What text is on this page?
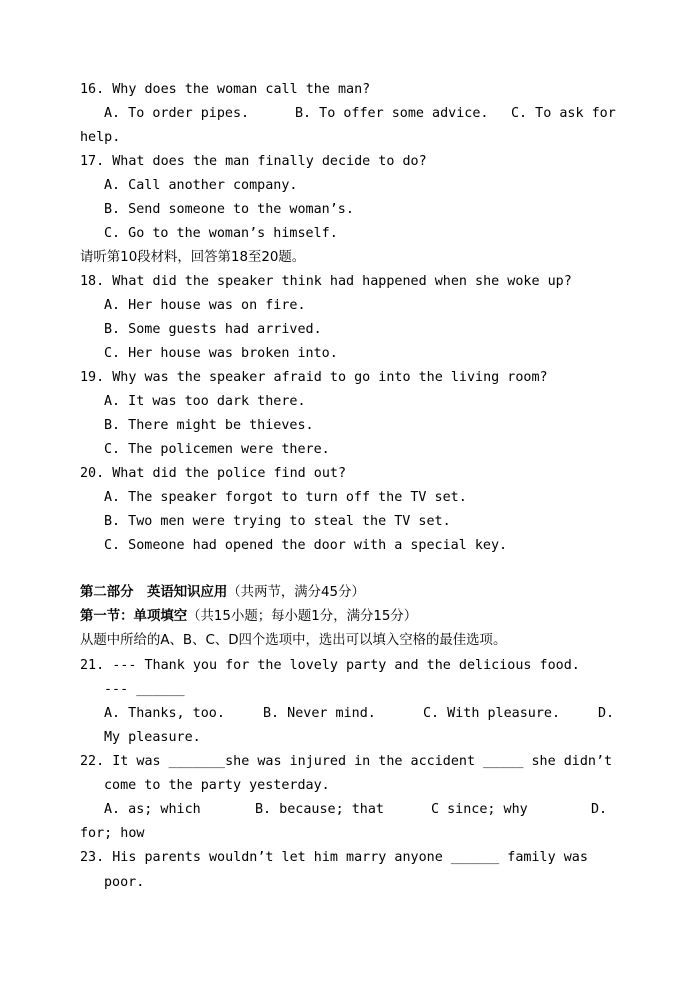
16. Why does the woman call the man?
A. To order pipes.	B. To offer some advice. C. To ask for
help.
17. What does the man finally decide to do?
A. Call another company.
B. Send someone to the woman’s.
C. Go to the woman’s himself.
请听第10段材料，回答第18至20题。
18. What did the speaker think had happened when she woke up?
A. Her house was on fire.
B. Some guests had arrived.
C. Her house was broken into.
19. Why was the speaker afraid to go into the living room?
A. It was too dark there.
B. There might be thieves.
C. The policemen were there.
20. What did the police find out?
A. The speaker forgot to turn off the TV set.
B. Two men were trying to steal the TV set.
C. Someone had opened the door with a special key.
第二部分　英语知识应用（共两节，满分45分）
第一节：单项填空（共15小题；每小题1分，满分15分）
从题中所给的A、B、C、D四个选项中，选出可以填入空格的最佳选项。
21. --- Thank you for the lovely party and the delicious food.
--- ______
A. Thanks, too.	B. Never mind.	C. With pleasure.	D.
My pleasure.
22. It was _______she was injured in the accident _____ she didn’t
come to the party yesterday.
A. as; which	B. because; that	C since; why	D.
for; how
23. His parents wouldn’t let him marry anyone ______ family was
poor.
